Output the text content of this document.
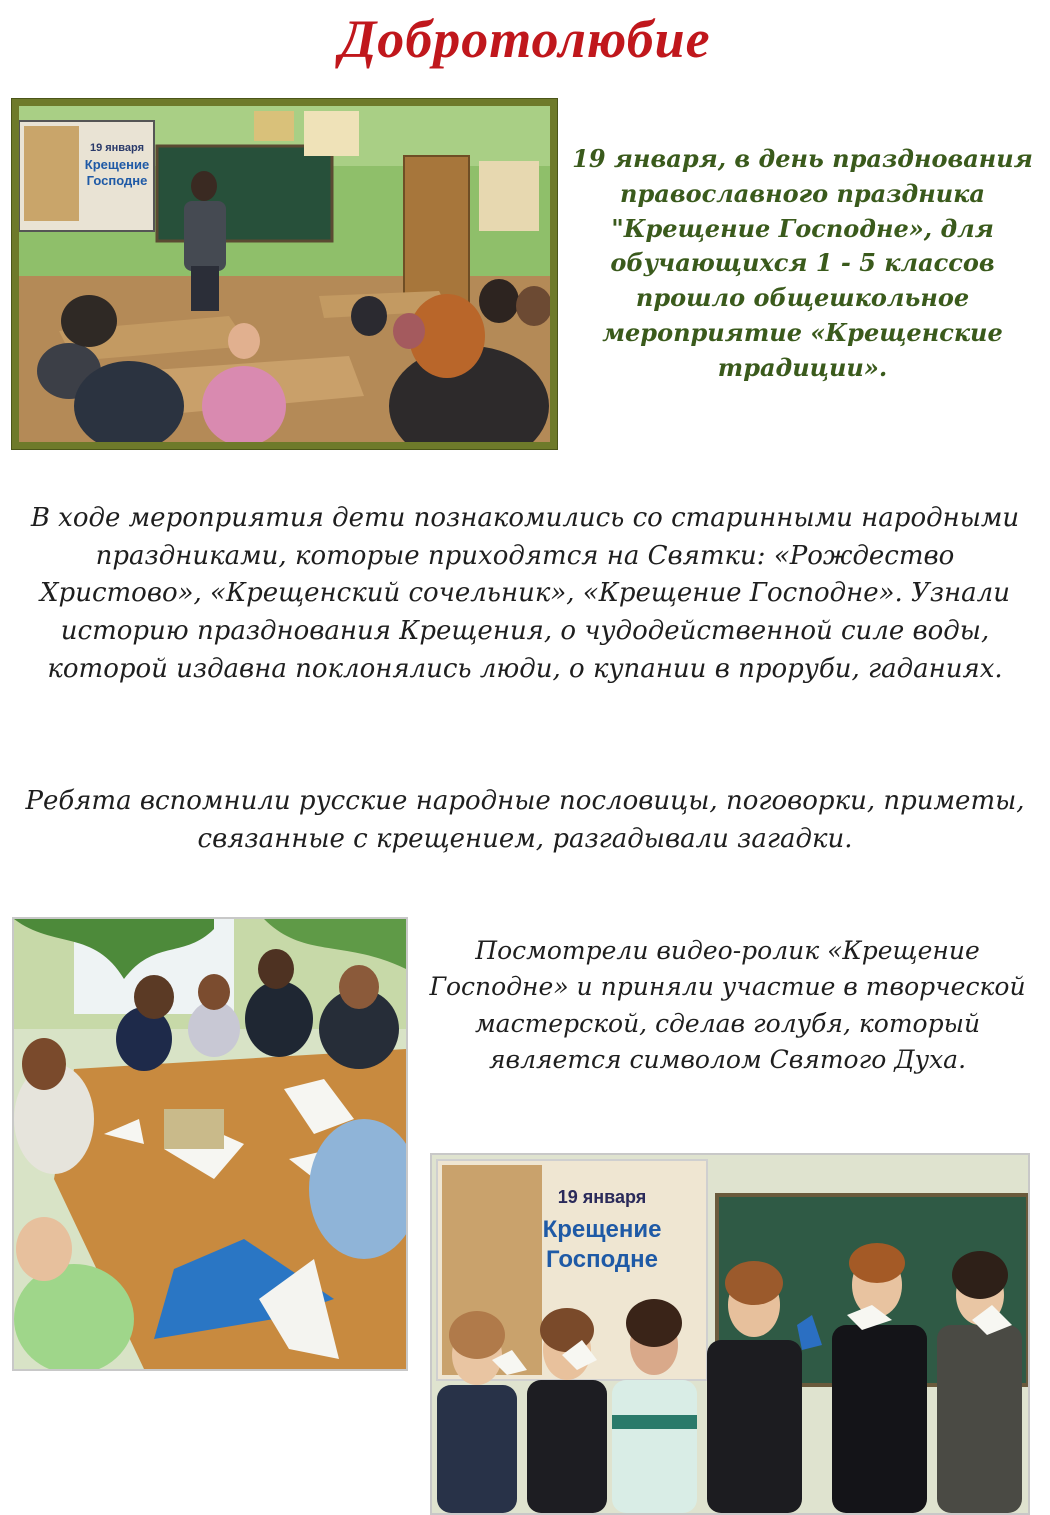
Добротолюбие
19 января
Крещение
Господне
19 января, в день празднования православного праздника "Крещение Господне», для обучающихся 1 - 5 классов прошло общешкольное мероприятие «Крещенские традиции».
В ходе мероприятия дети познакомились со старинными народными праздниками, которые приходятся на Святки: «Рождество Христово», «Крещенский сочельник», «Крещение Господне». Узнали историю празднования Крещения, о чудодейственной силе воды, которой издавна поклонялись люди, о купании в проруби, гаданиях.
Ребята вспомнили русские народные пословицы, поговорки, приметы, связанные с крещением, разгадывали загадки.
Посмотрели видео-ролик «Крещение Господне» и приняли участие в творческой мастерской, сделав голубя, который является символом Святого Духа.
19 января
Крещение
Господне
